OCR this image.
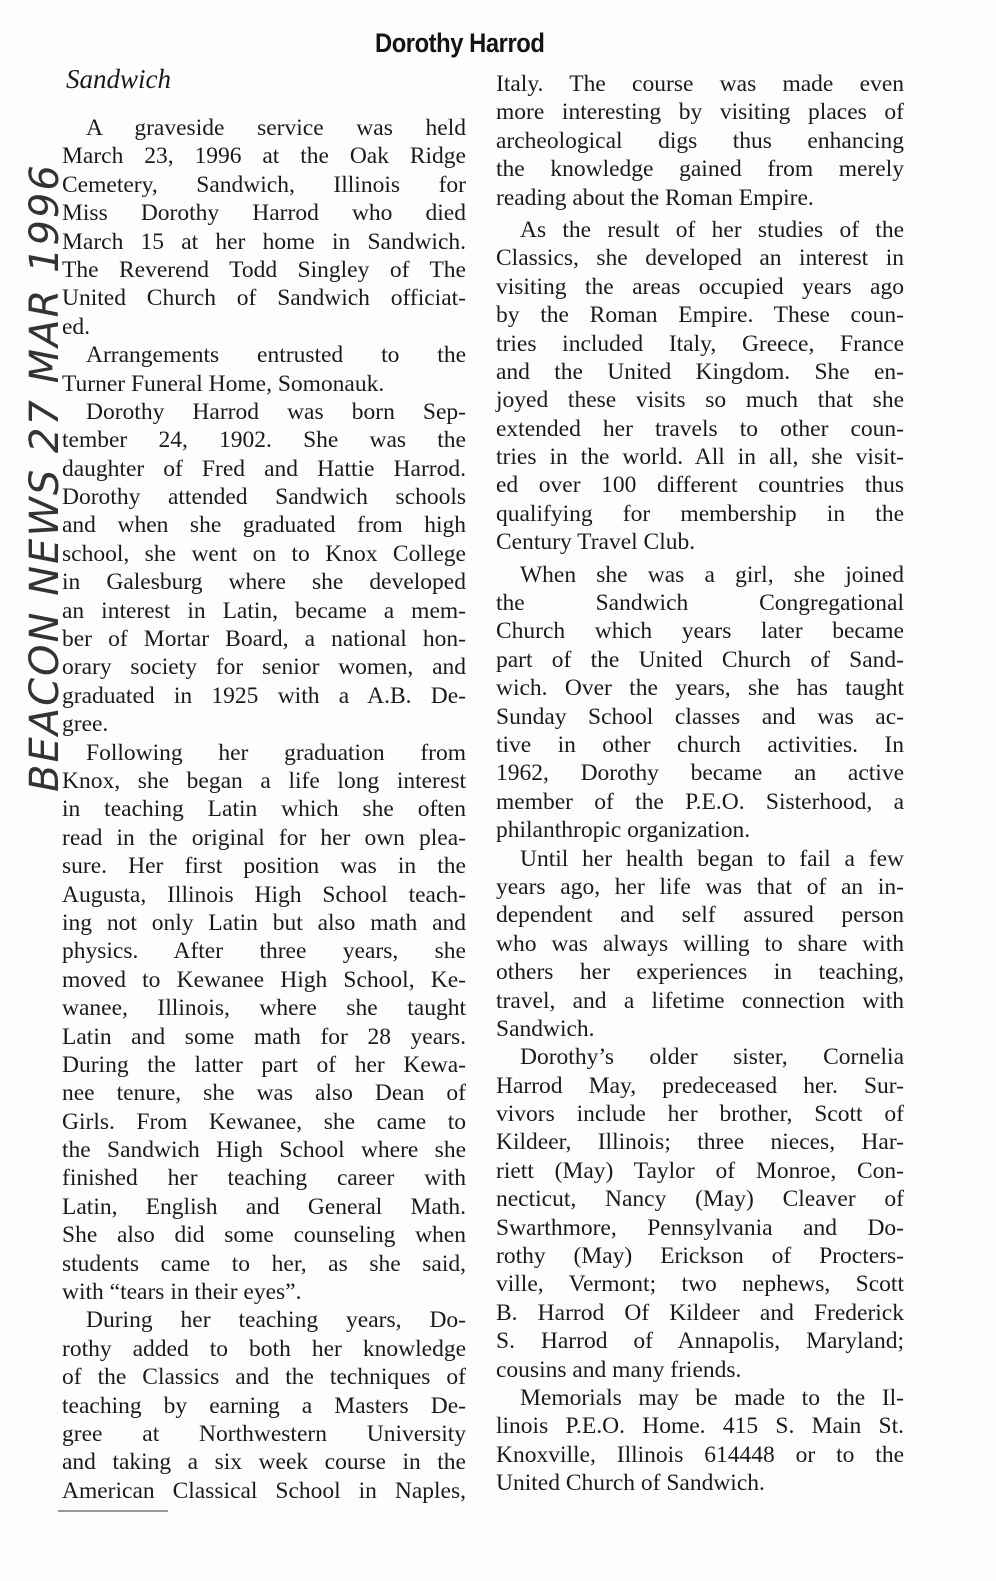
Dorothy Harrod
Sandwich
BEACON NEWS 27 MAR 1996
A graveside service was held
March 23, 1996 at the Oak Ridge
Cemetery, Sandwich, Illinois for
Miss Dorothy Harrod who died
March 15 at her home in Sandwich.
The Reverend Todd Singley of The
United Church of Sandwich officiat-
ed.
Arrangements entrusted to the
Turner Funeral Home, Somonauk.
Dorothy Harrod was born Sep-
tember 24, 1902. She was the
daughter of Fred and Hattie Harrod.
Dorothy attended Sandwich schools
and when she graduated from high
school, she went on to Knox College
in Galesburg where she developed
an interest in Latin, became a mem-
ber of Mortar Board, a national hon-
orary society for senior women, and
graduated in 1925 with a A.B. De-
gree.
Following her graduation from
Knox, she began a life long interest
in teaching Latin which she often
read in the original for her own plea-
sure. Her first position was in the
Augusta, Illinois High School teach-
ing not only Latin but also math and
physics. After three years, she
moved to Kewanee High School, Ke-
wanee, Illinois, where she taught
Latin and some math for 28 years.
During the latter part of her Kewa-
nee tenure, she was also Dean of
Girls. From Kewanee, she came to
the Sandwich High School where she
finished her teaching career with
Latin, English and General Math.
She also did some counseling when
students came to her, as she said,
with “tears in their eyes”.
During her teaching years, Do-
rothy added to both her knowledge
of the Classics and the techniques of
teaching by earning a Masters De-
gree at Northwestern University
and taking a six week course in the
American Classical School in Naples,
Italy. The course was made even
more interesting by visiting places of
archeological digs thus enhancing
the knowledge gained from merely
reading about the Roman Empire.
As the result of her studies of the
Classics, she developed an interest in
visiting the areas occupied years ago
by the Roman Empire. These coun-
tries included Italy, Greece, France
and the United Kingdom. She en-
joyed these visits so much that she
extended her travels to other coun-
tries in the world. All in all, she visit-
ed over 100 different countries thus
qualifying for membership in the
Century Travel Club.
When she was a girl, she joined
the Sandwich Congregational
Church which years later became
part of the United Church of Sand-
wich. Over the years, she has taught
Sunday School classes and was ac-
tive in other church activities. In
1962, Dorothy became an active
member of the P.E.O. Sisterhood, a
philanthropic organization.
Until her health began to fail a few
years ago, her life was that of an in-
dependent and self assured person
who was always willing to share with
others her experiences in teaching,
travel, and a lifetime connection with
Sandwich.
Dorothy’s older sister, Cornelia
Harrod May, predeceased her. Sur-
vivors include her brother, Scott of
Kildeer, Illinois; three nieces, Har-
riett (May) Taylor of Monroe, Con-
necticut, Nancy (May) Cleaver of
Swarthmore, Pennsylvania and Do-
rothy (May) Erickson of Procters-
ville, Vermont; two nephews, Scott
B. Harrod Of Kildeer and Frederick
S. Harrod of Annapolis, Maryland;
cousins and many friends.
Memorials may be made to the Il-
linois P.E.O. Home. 415 S. Main St.
Knoxville, Illinois 614448 or to the
United Church of Sandwich.
